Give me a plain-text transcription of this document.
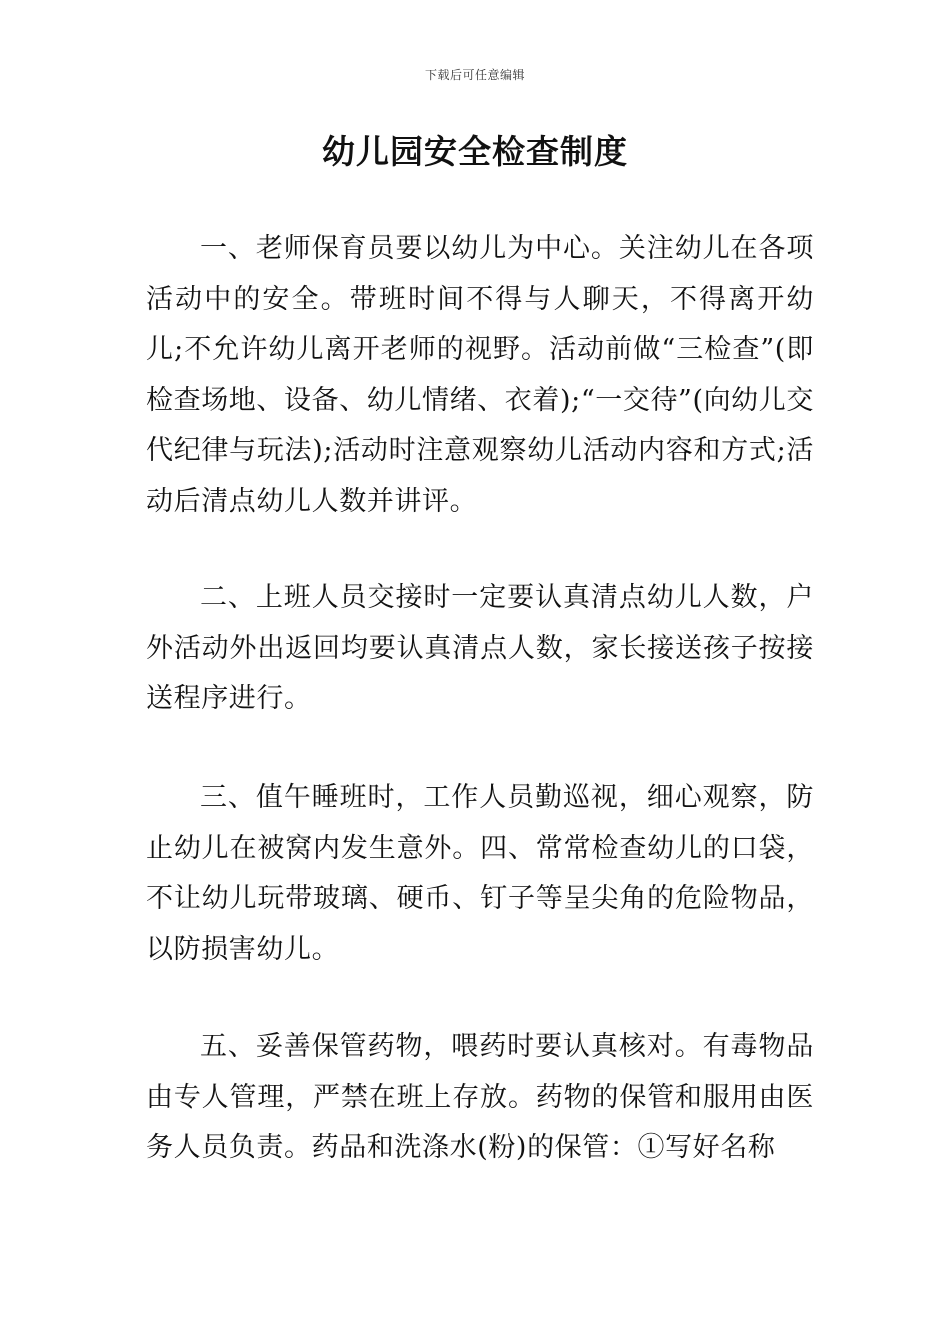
下载后可任意编辑
幼儿园安全检查制度

一、老师保育员要以幼儿为中心。关注幼儿在各项活动中的安全。带班时间不得与人聊天，不得离开幼儿;不允许幼儿离开老师的视野。活动前做“三检查”(即检查场地、设备、幼儿情绪、衣着);“一交待”(向幼儿交代纪律与玩法);活动时注意观察幼儿活动内容和方式;活动后清点幼儿人数并讲评。

二、上班人员交接时一定要认真清点幼儿人数，户外活动外出返回均要认真清点人数，家长接送孩子按接送程序进行。

三、值午睡班时，工作人员勤巡视，细心观察，防止幼儿在被窝内发生意外。四、常常检查幼儿的口袋，不让幼儿玩带玻璃、硬币、钉子等呈尖角的危险物品，以防损害幼儿。

五、妥善保管药物，喂药时要认真核对。有毒物品由专人管理，严禁在班上存放。药物的保管和服用由医务人员负责。药品和洗涤水(粉)的保管：①写好名称
